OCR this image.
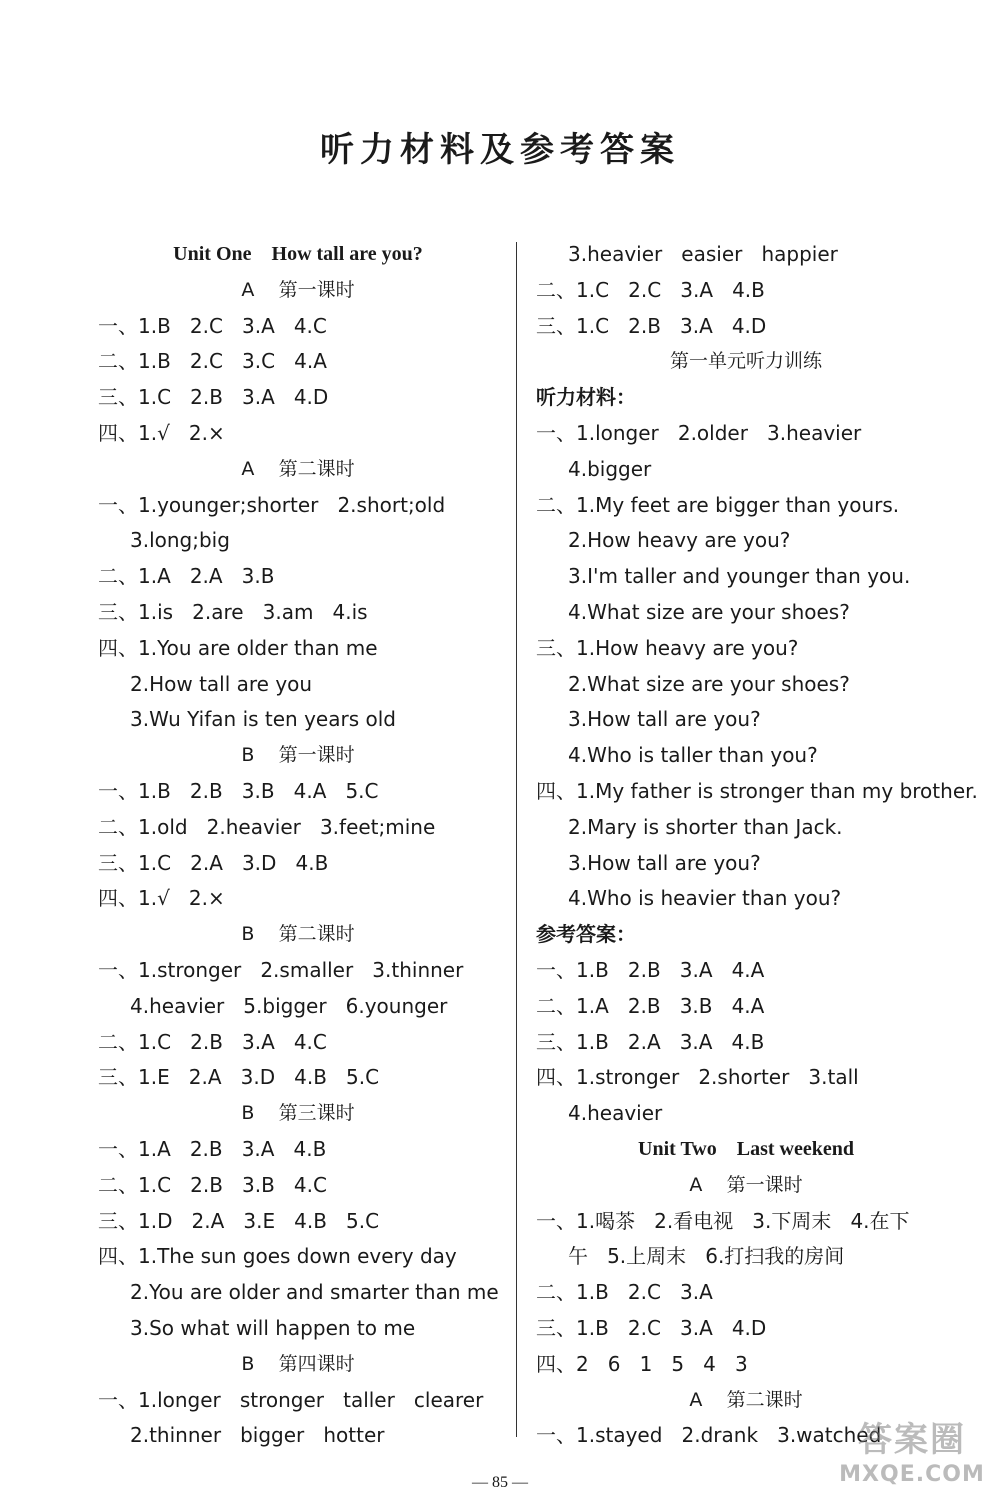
听力材料及参考答案
Unit One    How tall are you?
A    第一课时
一、1.B   2.C   3.A   4.C
二、1.B   2.C   3.C   4.A
三、1.C   2.B   3.A   4.D
四、1.√   2.×
A    第二课时
一、1.younger;shorter   2.short;old
3.long;big
二、1.A   2.A   3.B
三、1.is   2.are   3.am   4.is
四、1.You are older than me
2.How tall are you
3.Wu Yifan is ten years old
B    第一课时
一、1.B   2.B   3.B   4.A   5.C
二、1.old   2.heavier   3.feet;mine
三、1.C   2.A   3.D   4.B
四、1.√   2.×
B    第二课时
一、1.stronger   2.smaller   3.thinner
4.heavier   5.bigger   6.younger
二、1.C   2.B   3.A   4.C
三、1.E   2.A   3.D   4.B   5.C
B    第三课时
一、1.A   2.B   3.A   4.B
二、1.C   2.B   3.B   4.C
三、1.D   2.A   3.E   4.B   5.C
四、1.The sun goes down every day
2.You are older and smarter than me
3.So what will happen to me
B    第四课时
一、1.longer   stronger   taller   clearer
2.thinner   bigger   hotter
3.heavier   easier   happier
二、1.C   2.C   3.A   4.B
三、1.C   2.B   3.A   4.D
第一单元听力训练
听力材料：
一、1.longer   2.older   3.heavier
4.bigger
二、1.My feet are bigger than yours.
2.How heavy are you?
3.I'm taller and younger than you.
4.What size are your shoes?
三、1.How heavy are you?
2.What size are your shoes?
3.How tall are you?
4.Who is taller than you?
四、1.My father is stronger than my brother.
2.Mary is shorter than Jack.
3.How tall are you?
4.Who is heavier than you?
参考答案：
一、1.B   2.B   3.A   4.A
二、1.A   2.B   3.B   4.A
三、1.B   2.A   3.A   4.B
四、1.stronger   2.shorter   3.tall
4.heavier
Unit Two    Last weekend
A    第一课时
一、1.喝茶   2.看电视   3.下周末   4.在下
午   5.上周末   6.打扫我的房间
二、1.B   2.C   3.A
三、1.B   2.C   3.A   4.D
四、2   6   1   5   4   3
A    第二课时
一、1.stayed   2.drank   3.watched
— 85 —
答案圈
MXQE.COM
